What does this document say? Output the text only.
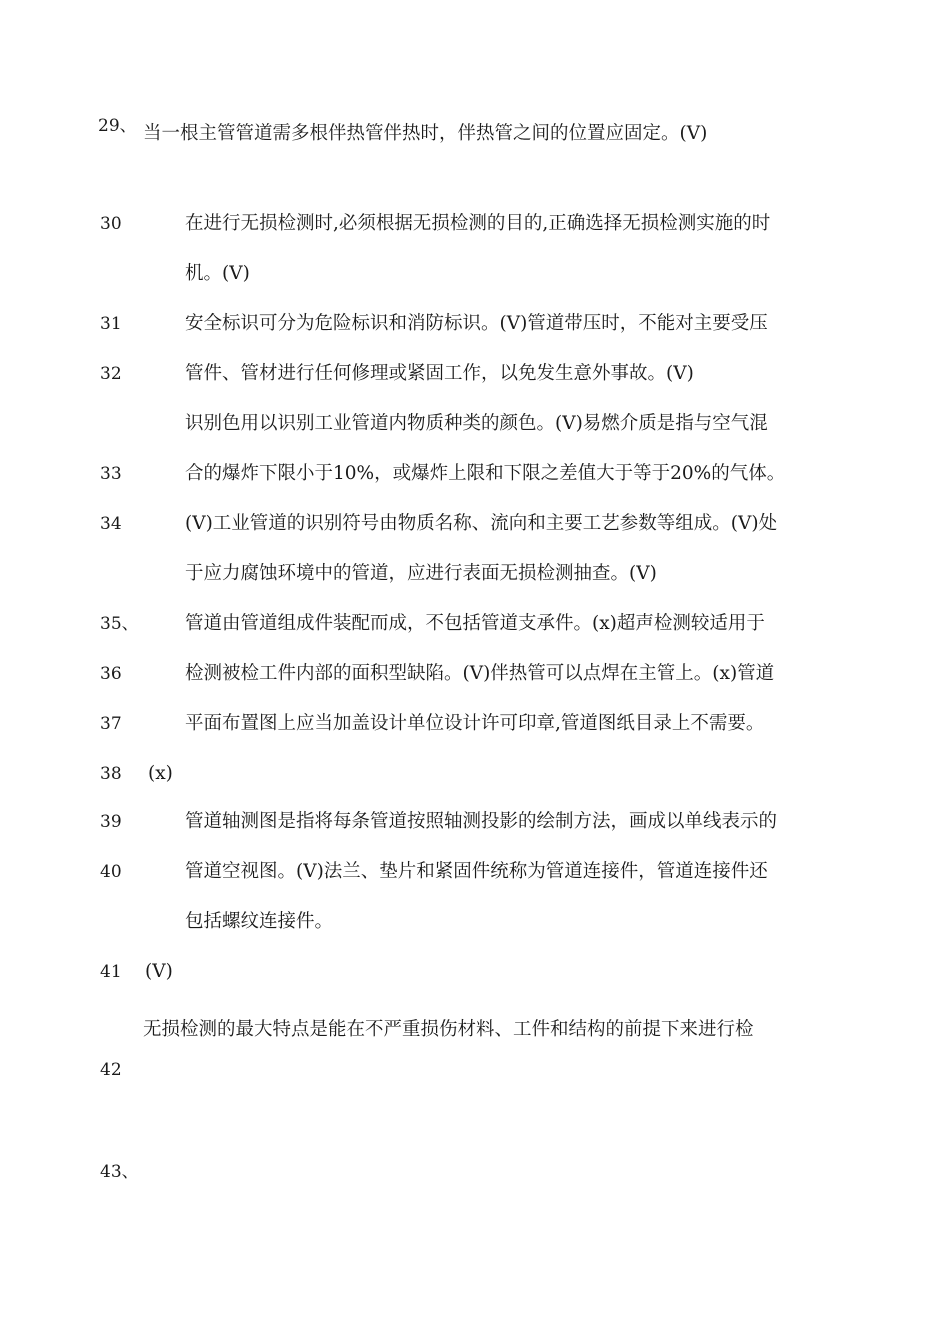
29、 当一根主管管道需多根伴热管伴热时，伴热管之间的位置应固定。(V)
30	在进行无损检测时,必须根据无损检测的目的,正确选择无损检测实施的时
机。(V)
31	安全标识可分为危险标识和消防标识。(V)管道带压时，不能对主要受压
32	管件、管材进行任何修理或紧固工作，以免发生意外事故。(V)
识别色用以识别工业管道内物质种类的颜色。(V)易燃介质是指与空气混
33	合的爆炸下限小于10%，或爆炸上限和下限之差值大于等于20%的气体。
34	(V)工业管道的识别符号由物质名称、流向和主要工艺参数等组成。(V)处
于应力腐蚀环境中的管道，应进行表面无损检测抽查。(V)
35、	管道由管道组成件装配而成，不包括管道支承件。(x)超声检测较适用于
36	检测被检工件内部的面积型缺陷。(V)伴热管可以点焊在主管上。(x)管道
37	平面布置图上应当加盖设计单位设计许可印章,管道图纸目录上不需要。
38 (x)
39	管道轴测图是指将每条管道按照轴测投影的绘制方法，画成以单线表示的
40	管道空视图。(V)法兰、垫片和紧固件统称为管道连接件，管道连接件还
包括螺纹连接件。
41 (V)
无损检测的最大特点是能在不严重损伤材料、工件和结构的前提下来进行检
42
43、
